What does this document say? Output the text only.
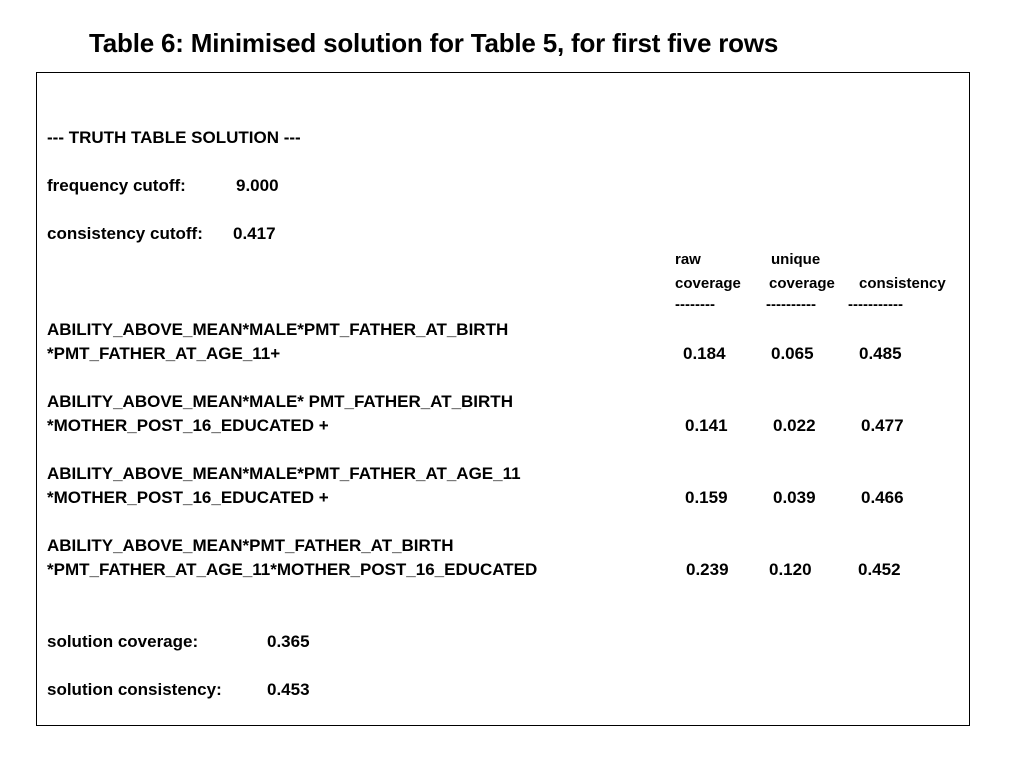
Table 6: Minimised solution for Table 5, for first five rows
--- TRUTH TABLE SOLUTION ---
frequency cutoff:	9.000
consistency cutoff: 0.417
raw	unique
coverage coverage consistency
--------	---------- -----------
ABILITY_ABOVE_MEAN*MALE*PMT_FATHER_AT_BIRTH
*PMT_FATHER_AT_AGE_11+	0.184	0.065	0.485
ABILITY_ABOVE_MEAN*MALE* PMT_FATHER_AT_BIRTH
*MOTHER_POST_16_EDUCATED +	0.141	0.022	0.477
ABILITY_ABOVE_MEAN*MALE*PMT_FATHER_AT_AGE_11
*MOTHER_POST_16_EDUCATED +	0.159	0.039	0.466
ABILITY_ABOVE_MEAN*PMT_FATHER_AT_BIRTH
*PMT_FATHER_AT_AGE_11*MOTHER_POST_16_EDUCATED	0.239 0.120	0.452
solution coverage:	0.365
solution consistency:	0.453
